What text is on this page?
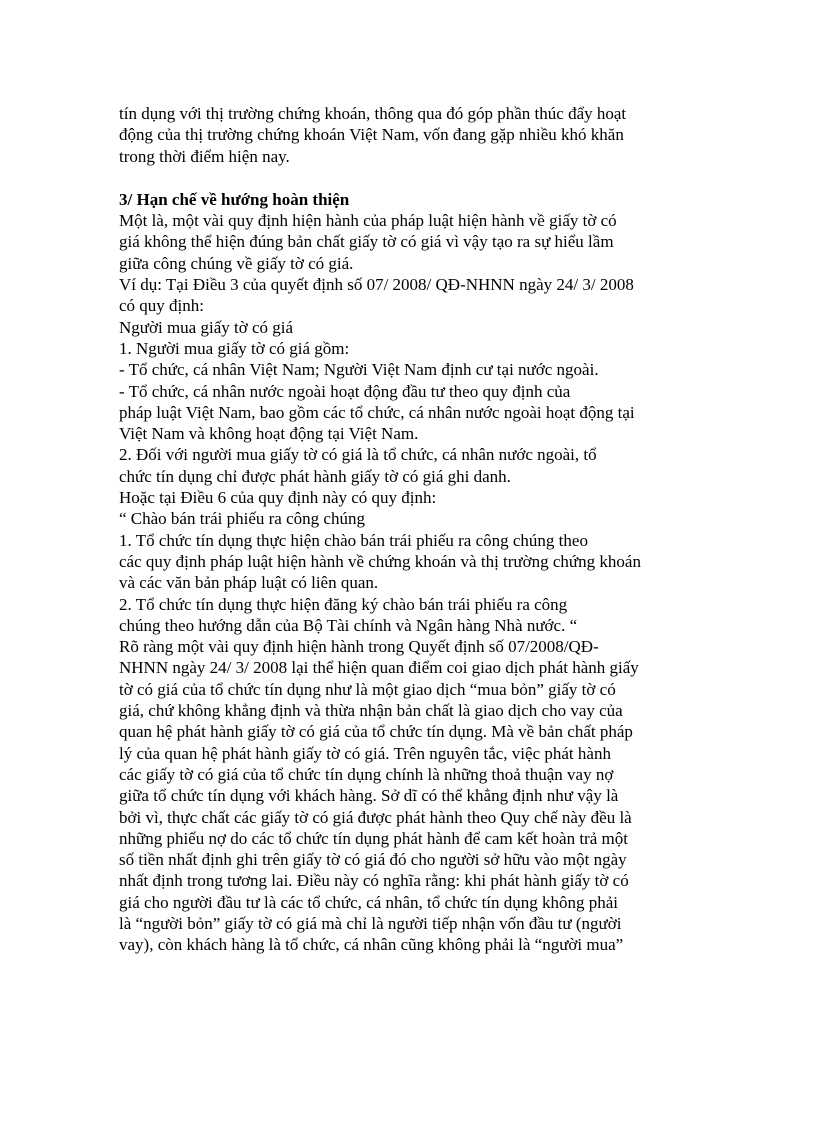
tín dụng với thị trường chứng khoán, thông qua đó góp phần thúc đẩy hoạt

động của thị trường chứng khoán Việt Nam, vốn đang gặp nhiều khó khăn

trong thời điểm hiện nay.

3/ Hạn chế về hướng hoàn thiện

Một là, một vài quy định hiện hành của pháp luật hiện hành về giấy tờ có

giá không thể hiện đúng bản chất giấy tờ có giá vì vậy tạo ra sự hiểu lầm

giữa công chúng về giấy tờ có giá.

Ví dụ: Tại Điều 3 của quyết định số 07/ 2008/ QĐ-NHNN ngày 24/ 3/ 2008

có quy định:

Người mua giấy tờ có giá

1. Người mua giấy tờ có giá gồm:

- Tổ chức, cá nhân Việt Nam; Người Việt Nam định cư tại nước ngoài.

- Tổ chức, cá nhân nước ngoài hoạt động đầu tư theo quy định của

pháp luật Việt Nam, bao gồm các tổ chức, cá nhân nước ngoài hoạt động tại

Việt Nam và không hoạt động tại Việt Nam.

2. Đối với người mua giấy tờ có giá là tổ chức, cá nhân nước ngoài, tổ

chức tín dụng chỉ được phát hành giấy tờ có giá ghi danh.

Hoặc tại Điều 6 của quy định này có quy định:

“ Chào bán trái phiếu ra công chúng

1. Tổ chức tín dụng thực hiện chào bán trái phiếu ra công chúng theo

các quy định pháp luật hiện hành về chứng khoán và thị trường chứng khoán

và các văn bản pháp luật có liên quan.

2. Tổ chức tín dụng thực hiện đăng ký chào bán trái phiếu ra công

chúng theo hướng dẫn của Bộ Tài chính và Ngân hàng Nhà nước. “

Rõ ràng một vài quy định hiện hành trong Quyết định số 07/2008/QĐ-

NHNN ngày 24/ 3/ 2008 lại thể hiện quan điểm coi giao dịch phát hành giấy

tờ có giá của tổ chức tín dụng như là một giao dịch “mua bỏn” giấy tờ có

giá, chứ không khẳng định và thừa nhận bản chất là giao dịch cho vay của

quan hệ phát hành giấy tờ có giá của tổ chức tín dụng. Mà về bản chất pháp

lý của quan hệ phát hành giấy tờ có giá. Trên nguyên tắc, việc phát hành

các giấy tờ có giá của tổ chức tín dụng chính là những thoả thuận vay nợ

giữa tổ chức tín dụng với khách hàng. Sở dĩ có thể khẳng định như vậy là

bởi vì, thực chất các giấy tờ có giá được phát hành theo Quy chế này đều là

những phiếu nợ do các tổ chức tín dụng phát hành để cam kết hoàn trả một

số tiền nhất định ghi trên giấy tờ có giá đó cho người sở hữu vào một ngày

nhất định trong tương lai. Điều này có nghĩa rằng: khi phát hành giấy tờ có

giá cho người đầu tư là các tổ chức, cá nhân, tổ chức tín dụng không phải

là “người bỏn” giấy tờ có giá mà chỉ là người tiếp nhận vốn đầu tư (người

vay), còn khách hàng là tổ chức, cá nhân cũng không phải là “người mua”
